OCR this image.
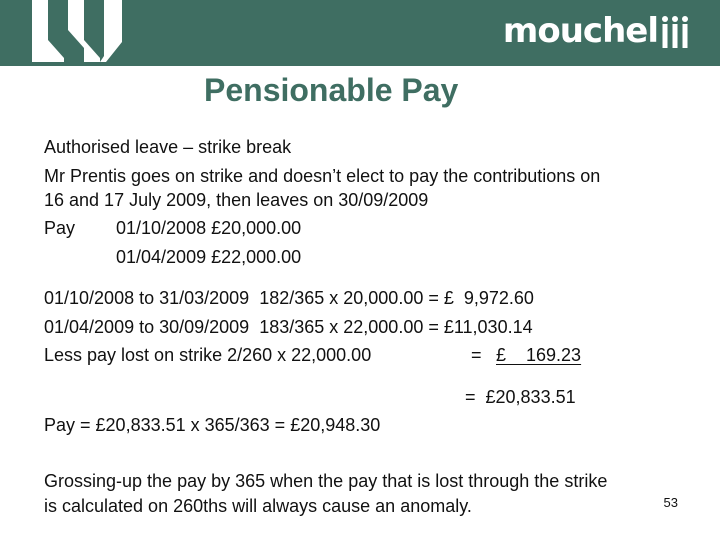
mouchel
Pensionable Pay
Authorised leave – strike break
Mr Prentis goes on strike and doesn’t elect to pay the contributions on
16 and 17 July 2009, then leaves on 30/09/2009
Pay 01/10/2008 £20,000.00
01/04/2009 £22,000.00
01/10/2008 to 31/03/2009  182/365 x 20,000.00 = £  9,972.60
01/04/2009 to 30/09/2009  183/365 x 22,000.00 = £11,030.14
Less pay lost on strike 2/260 x 22,000.00	= £    169.23
=  £20,833.51
Pay = £20,833.51 x 365/363 = £20,948.30
Grossing-up the pay by 365 when the pay that is lost through the strike
is calculated on 260ths will always cause an anomaly.	53
